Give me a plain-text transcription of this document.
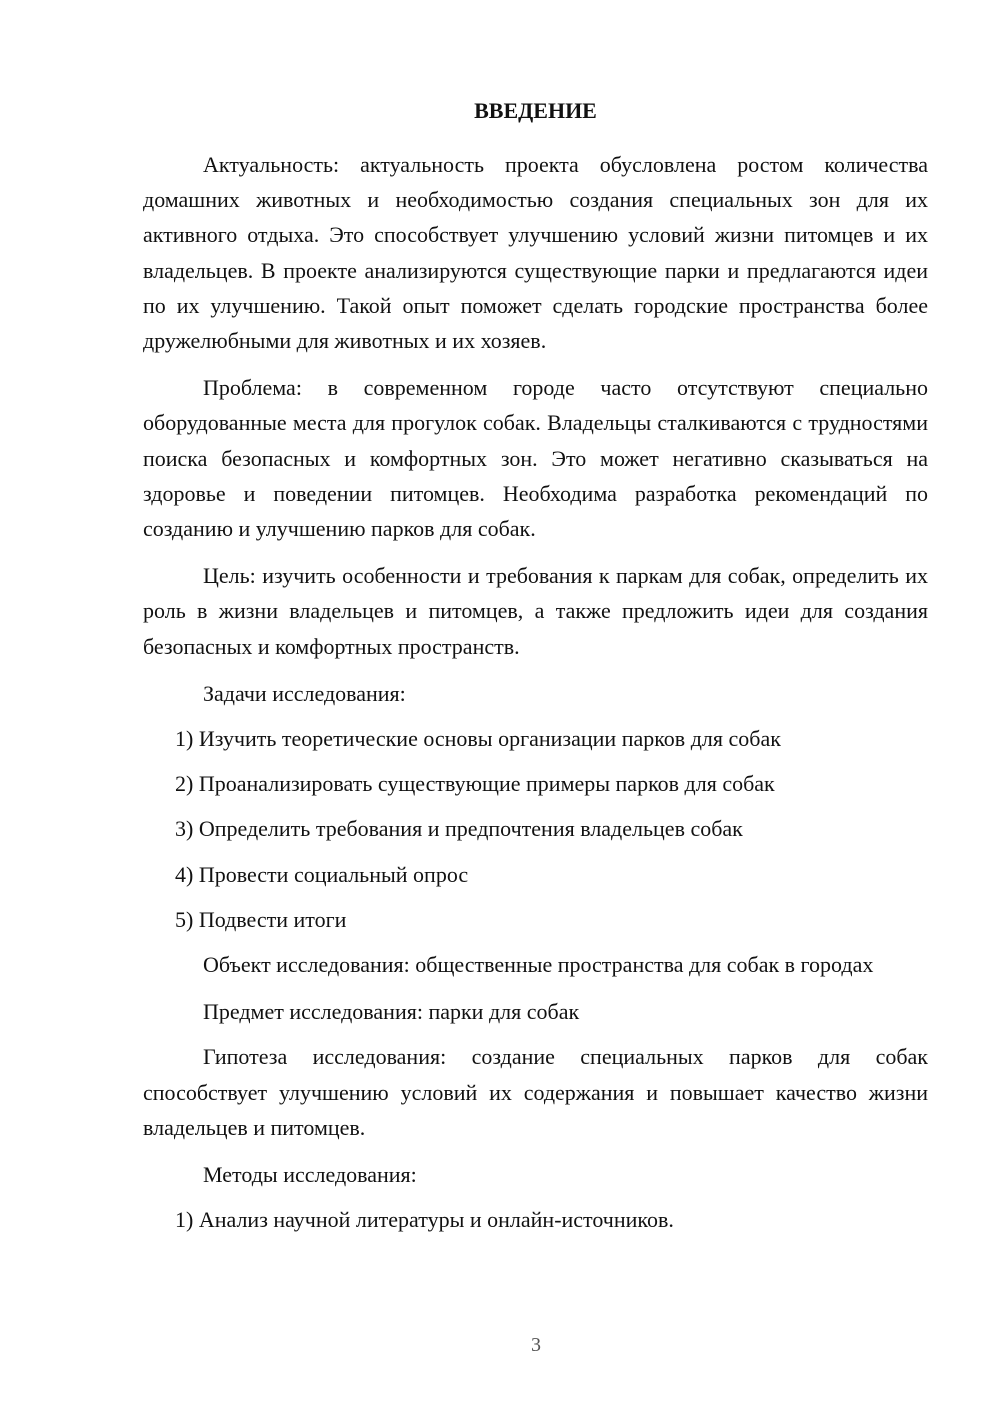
ВВЕДЕНИЕ

Актуальность: актуальность проекта обусловлена ростом количества домашних животных и необходимостью создания специальных зон для их активного отдыха. Это способствует улучшению условий жизни питомцев и их владельцев. В проекте анализируются существующие парки и предлагаются идеи по их улучшению. Такой опыт поможет сделать городские пространства более дружелюбными для животных и их хозяев.

Проблема: в современном городе часто отсутствуют специально оборудованные места для прогулок собак. Владельцы сталкиваются с трудностями поиска безопасных и комфортных зон. Это может негативно сказываться на здоровье и поведении питомцев. Необходима разработка рекомендаций по созданию и улучшению парков для собак.

Цель: изучить особенности и требования к паркам для собак, определить их роль в жизни владельцев и питомцев, а также предложить идеи для создания безопасных и комфортных пространств.

Задачи исследования:

1) Изучить теоретические основы организации парков для собак

2) Проанализировать существующие примеры парков для собак

3) Определить требования и предпочтения владельцев собак

4) Провести социальный опрос

5) Подвести итоги

Объект исследования: общественные пространства для собак в городах

Предмет исследования: парки для собак

Гипотеза исследования: создание специальных парков для собак способствует улучшению условий их содержания и повышает качество жизни владельцев и питомцев.

Методы исследования:

1) Анализ научной литературы и онлайн-источников.

3
